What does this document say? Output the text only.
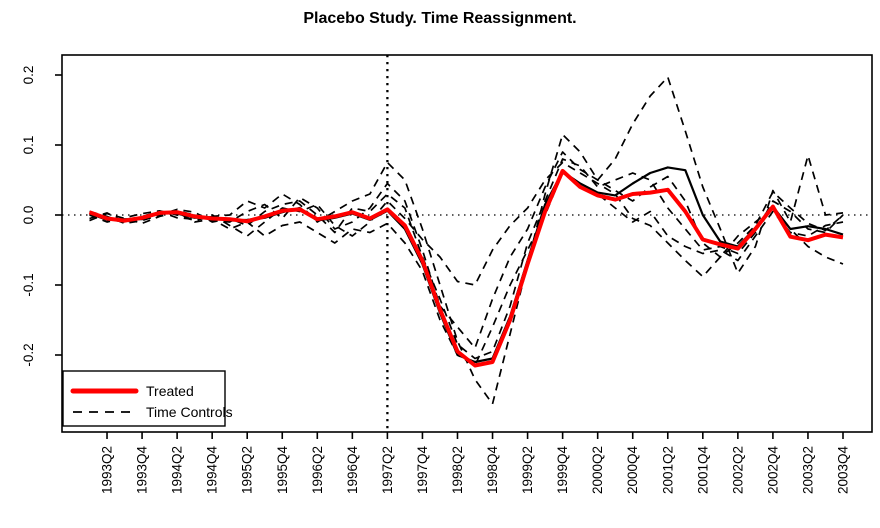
Placebo Study. Time Reassignment.
0.2
0.1
0.0
-0.1
-0.2
1993Q2 1993Q4 1994Q2 1994Q4 1995Q2 1995Q4 1996Q2 1996Q4 1997Q2 1997Q4 1998Q2 1998Q4 1999Q2 1999Q4 2000Q2 2000Q4 2001Q2 2001Q4 2002Q2 2002Q4 2003Q2 2003Q4
Treated
Time Controls
